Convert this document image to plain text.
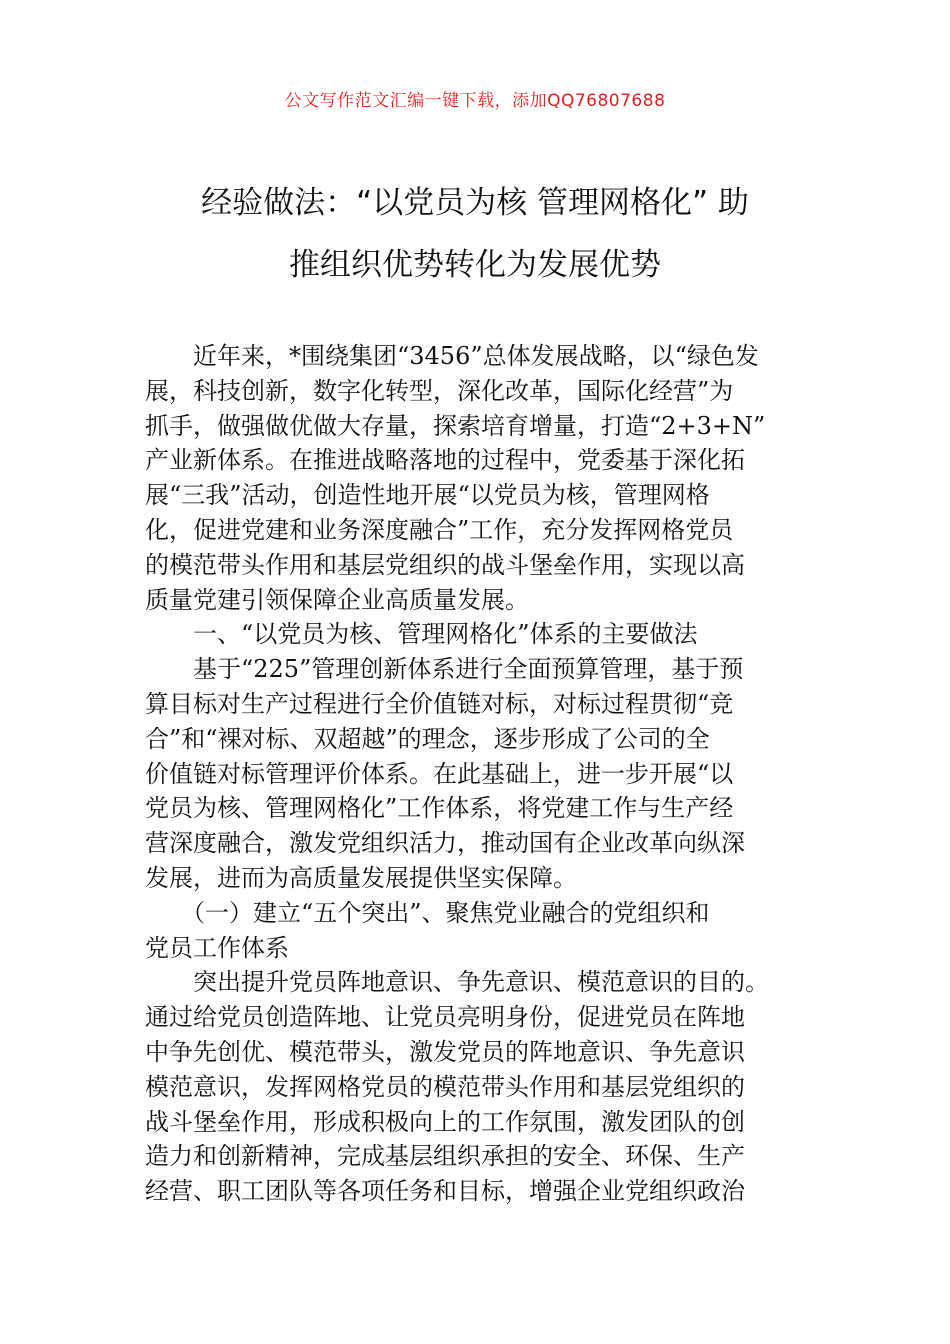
公文写作范文汇编一键下载，添加QQ76807688
经验做法：“以党员为核 管理网格化” 助
推组织优势转化为发展优势
　　近年来，*围绕集团“3456”总体发展战略，以“绿色发
展，科技创新，数字化转型，深化改革，国际化经营”为
抓手，做强做优做大存量，探索培育增量，打造“2+3+N”
产业新体系。在推进战略落地的过程中，党委基于深化拓
展“三我”活动，创造性地开展“以党员为核，管理网格
化，促进党建和业务深度融合”工作，充分发挥网格党员
的模范带头作用和基层党组织的战斗堡垒作用，实现以高
质量党建引领保障企业高质量发展。
　　一、“以党员为核、管理网格化”体系的主要做法
　　基于“225”管理创新体系进行全面预算管理，基于预
算目标对生产过程进行全价值链对标，对标过程贯彻“竞
合”和“裸对标、双超越”的理念，逐步形成了公司的全
价值链对标管理评价体系。在此基础上，进一步开展“以
党员为核、管理网格化”工作体系，将党建工作与生产经
营深度融合，激发党组织活力，推动国有企业改革向纵深
发展，进而为高质量发展提供坚实保障。
　　（一）建立“五个突出”、聚焦党业融合的党组织和
党员工作体系
　　突出提升党员阵地意识、争先意识、模范意识的目的。
通过给党员创造阵地、让党员亮明身份，促进党员在阵地
中争先创优、模范带头，激发党员的阵地意识、争先意识
模范意识，发挥网格党员的模范带头作用和基层党组织的
战斗堡垒作用，形成积极向上的工作氛围，激发团队的创
造力和创新精神，完成基层组织承担的安全、环保、生产
经营、职工团队等各项任务和目标，增强企业党组织政治
